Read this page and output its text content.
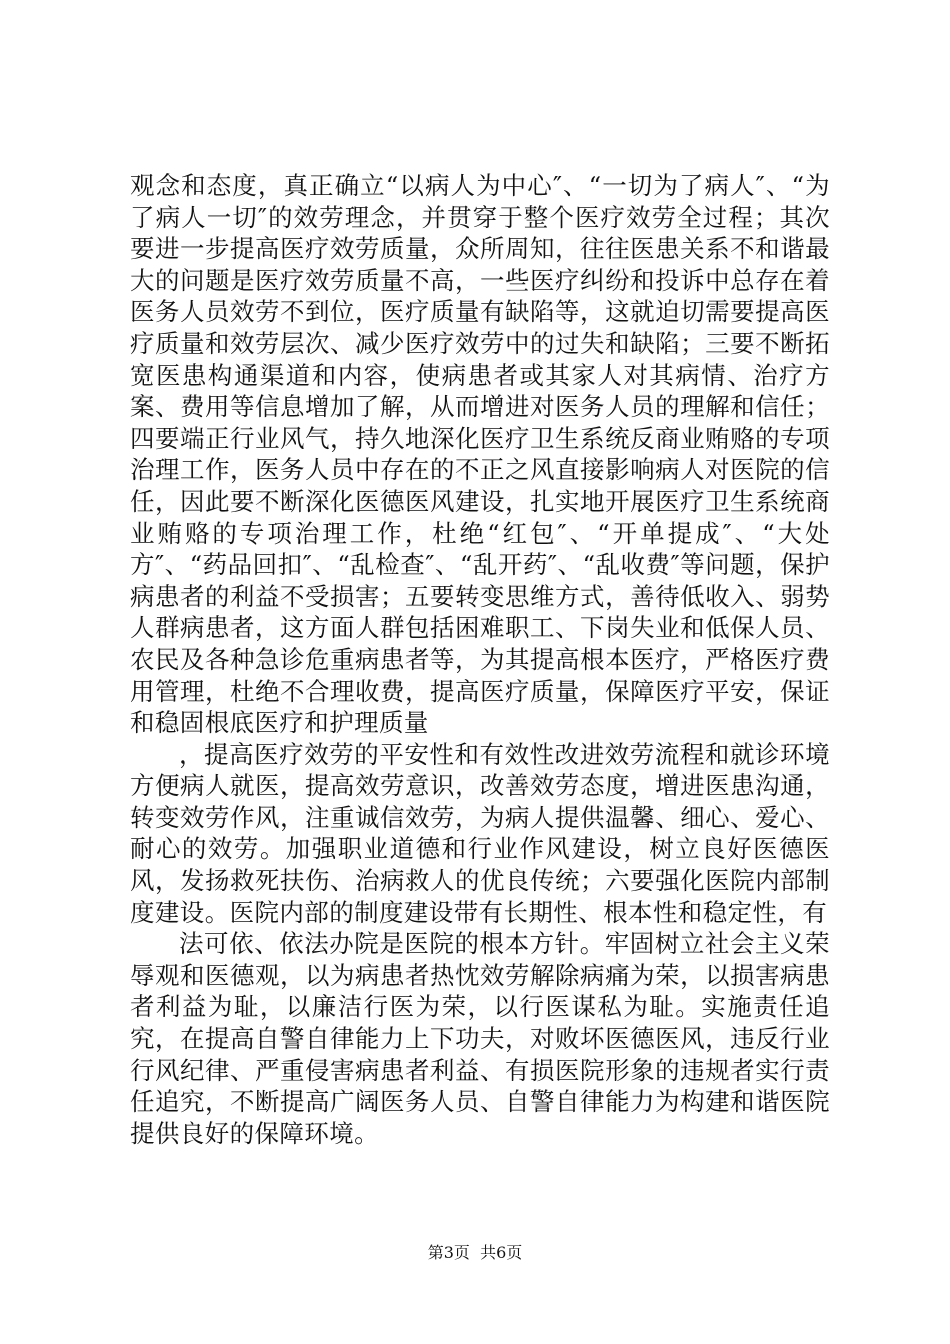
观念和态度，真正确立“以病人为中心″、“一切为了病人″、“为了病人一切″的效劳理念，并贯穿于整个医疗效劳全过程；其次要进一步提高医疗效劳质量，众所周知，往往医患关系不和谐最大的问题是医疗效劳质量不高，一些医疗纠纷和投诉中总存在着医务人员效劳不到位，医疗质量有缺陷等，这就迫切需要提高医疗质量和效劳层次、减少医疗效劳中的过失和缺陷；三要不断拓宽医患构通渠道和内容，使病患者或其家人对其病情、治疗方案、费用等信息增加了解，从而增进对医务人员的理解和信任；四要端正行业风气，持久地深化医疗卫生系统反商业贿赂的专项治理工作，医务人员中存在的不正之风直接影响病人对医院的信任，因此要不断深化医德医风建设，扎实地开展医疗卫生系统商业贿赂的专项治理工作，杜绝“红包″、“开单提成″、“大处方″、“药品回扣″、“乱检查″、“乱开药″、“乱收费″等问题，保护病患者的利益不受损害；五要转变思维方式，善待低收入、弱势人群病患者，这方面人群包括困难职工、下岗失业和低保人员、农民及各种急诊危重病患者等，为其提高根本医疗，严格医疗费用管理，杜绝不合理收费，提高医疗质量，保障医疗平安，保证和稳固根底医疗和护理质量

，提高医疗效劳的平安性和有效性改进效劳流程和就诊环境方便病人就医，提高效劳意识，改善效劳态度，增进医患沟通，转变效劳作风，注重诚信效劳，为病人提供温馨、细心、爱心、耐心的效劳。加强职业道德和行业作风建设，树立良好医德医风，发扬救死扶伤、治病救人的优良传统；六要强化医院内部制度建设。医院内部的制度建设带有长期性、根本性和稳定性，有

法可依、依法办院是医院的根本方针。牢固树立社会主义荣辱观和医德观，以为病患者热忱效劳解除病痛为荣，以损害病患者利益为耻，以廉洁行医为荣，以行医谋私为耻。实施责任追究，在提高自警自律能力上下功夫，对败坏医德医风，违反行业行风纪律、严重侵害病患者利益、有损医院形象的违规者实行责任追究，不断提高广阔医务人员、自警自律能力为构建和谐医院提供良好的保障环境。

第3页 共6页
